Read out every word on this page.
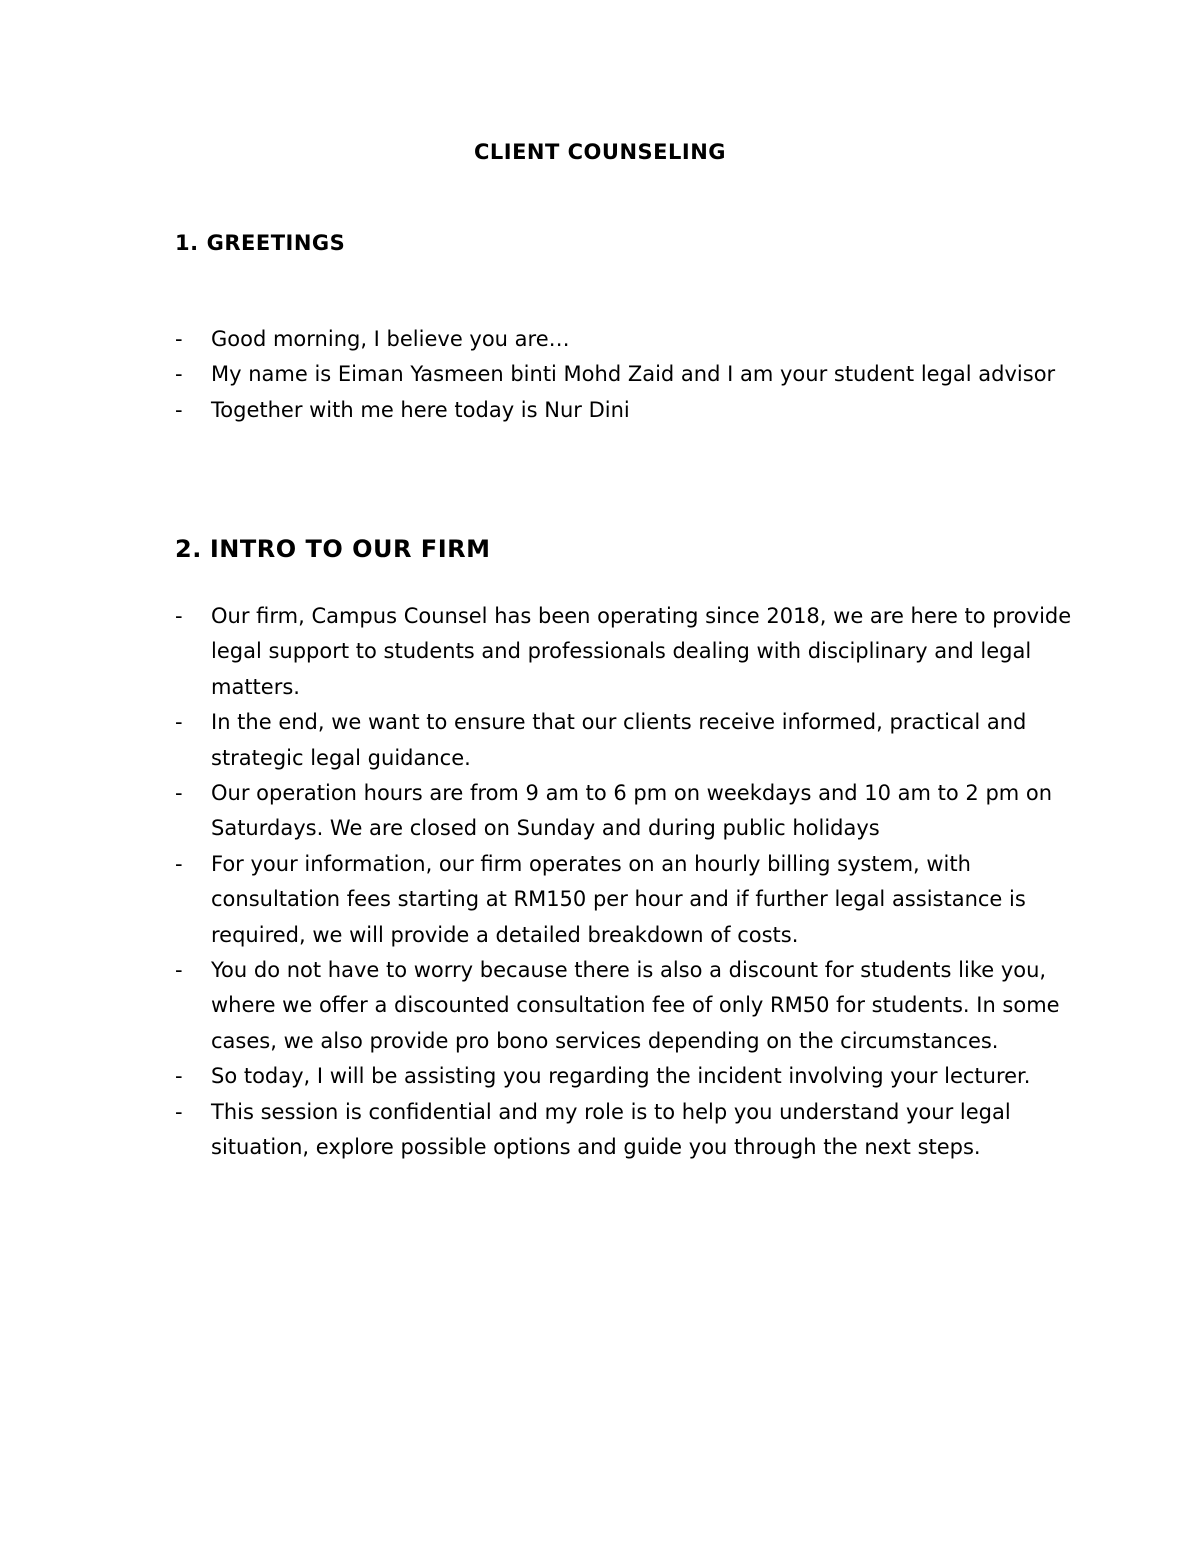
CLIENT COUNSELING
1. GREETINGS
- Good morning, I believe you are…
- My name is Eiman Yasmeen binti Mohd Zaid and I am your student legal advisor
- Together with me here today is Nur Dini
2. INTRO TO OUR FIRM
- Our firm, Campus Counsel has been operating since 2018, we are here to provide legal support to students and professionals dealing with disciplinary and legal matters.
- In the end, we want to ensure that our clients receive informed, practical and strategic legal guidance.
- Our operation hours are from 9 am to 6 pm on weekdays and 10 am to 2 pm on Saturdays. We are closed on Sunday and during public holidays
- For your information, our firm operates on an hourly billing system, with consultation fees starting at RM150 per hour and if further legal assistance is required, we will provide a detailed breakdown of costs.
- You do not have to worry because there is also a discount for students like you, where we offer a discounted consultation fee of only RM50 for students. In some cases, we also provide pro bono services depending on the circumstances.
- So today, I will be assisting you regarding the incident involving your lecturer.
- This session is confidential and my role is to help you understand your legal situation, explore possible options and guide you through the next steps.
